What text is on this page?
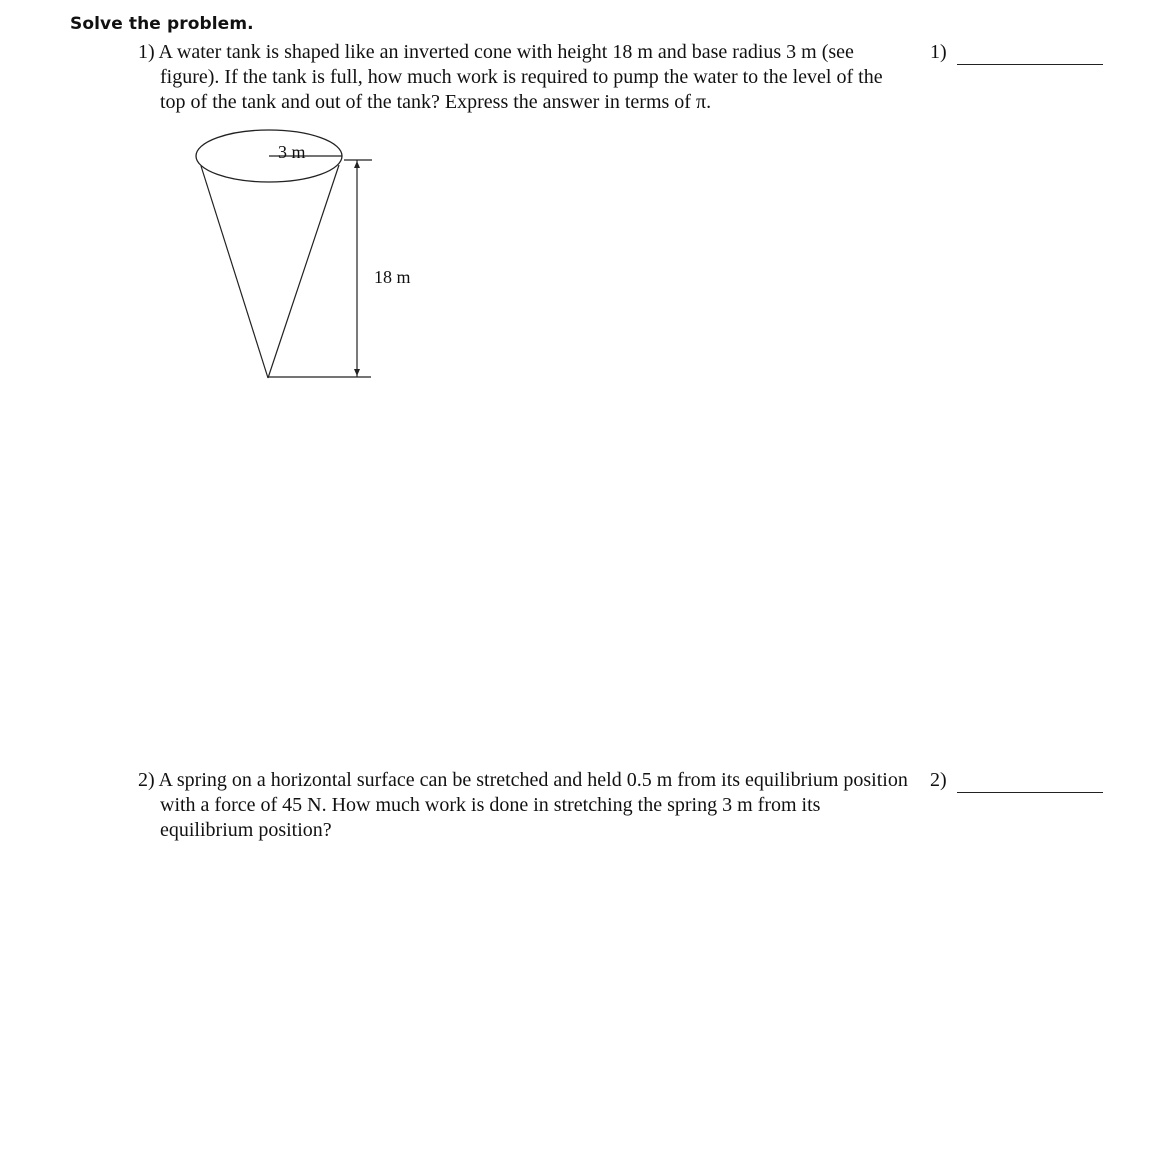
Solve the problem.

1) A water tank is shaped like an inverted cone with height 18 m and base radius 3 m (see figure). If the tank is full, how much work is required to pump the water to the level of the top of the tank and out of the tank? Express the answer in terms of π.

1)
3 m
18 m

2) A spring on a horizontal surface can be stretched and held 0.5 m from its equilibrium position with a force of 45 N. How much work is done in stretching the spring 3 m from its equilibrium position?

2)
